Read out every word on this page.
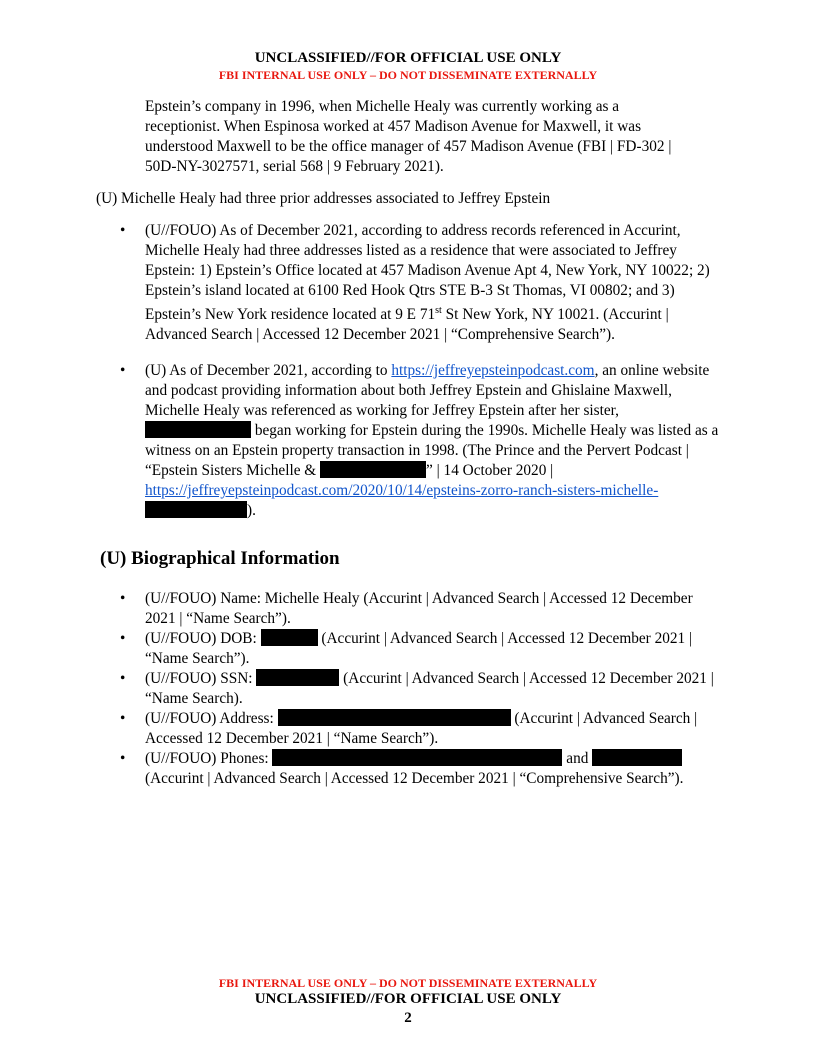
UNCLASSIFIED//FOR OFFICIAL USE ONLY
FBI INTERNAL USE ONLY – DO NOT DISSEMINATE EXTERNALLY
Epstein’s company in 1996, when Michelle Healy was currently working as a receptionist. When Espinosa worked at 457 Madison Avenue for Maxwell, it was understood Maxwell to be the office manager of 457 Madison Avenue (FBI | FD-302 | 50D-NY-3027571, serial 568 | 9 February 2021).
(U) Michelle Healy had three prior addresses associated to Jeffrey Epstein
• (U//FOUO) As of December 2021, according to address records referenced in Accurint, Michelle Healy had three addresses listed as a residence that were associated to Jeffrey Epstein: 1) Epstein’s Office located at 457 Madison Avenue Apt 4, New York, NY 10022; 2) Epstein’s island located at 6100 Red Hook Qtrs STE B-3 St Thomas, VI 00802; and 3) Epstein’s New York residence located at 9 E 71st St New York, NY 10021. (Accurint | Advanced Search | Accessed 12 December 2021 | “Comprehensive Search”).
• (U) As of December 2021, according to https://jeffreyepsteinpodcast.com, an online website and podcast providing information about both Jeffrey Epstein and Ghislaine Maxwell, Michelle Healy was referenced as working for Jeffrey Epstein after her sister,  began working for Epstein during the 1990s. Michelle Healy was listed as a witness on an Epstein property transaction in 1998. (The Prince and the Pervert Podcast | “Epstein Sisters Michelle &	” | 14 October 2020 | https://jeffreyepsteinpodcast.com/2020/10/14/epsteins-zorro-ranch-sisters-michelle- ).
(U) Biographical Information
• (U//FOUO) Name: Michelle Healy (Accurint | Advanced Search | Accessed 12 December 2021 | “Name Search”).
• (U//FOUO) DOB:	(Accurint | Advanced Search | Accessed 12 December 2021 | “Name Search”).
• (U//FOUO) SSN:	(Accurint | Advanced Search | Accessed 12 December 2021 | “Name Search).
• (U//FOUO) Address:	(Accurint | Advanced Search | Accessed 12 December 2021 | “Name Search”).
• (U//FOUO) Phones:	and
(Accurint | Advanced Search | Accessed 12 December 2021 | “Comprehensive Search”).
FBI INTERNAL USE ONLY – DO NOT DISSEMINATE EXTERNALLY
UNCLASSIFIED//FOR OFFICIAL USE ONLY
2
